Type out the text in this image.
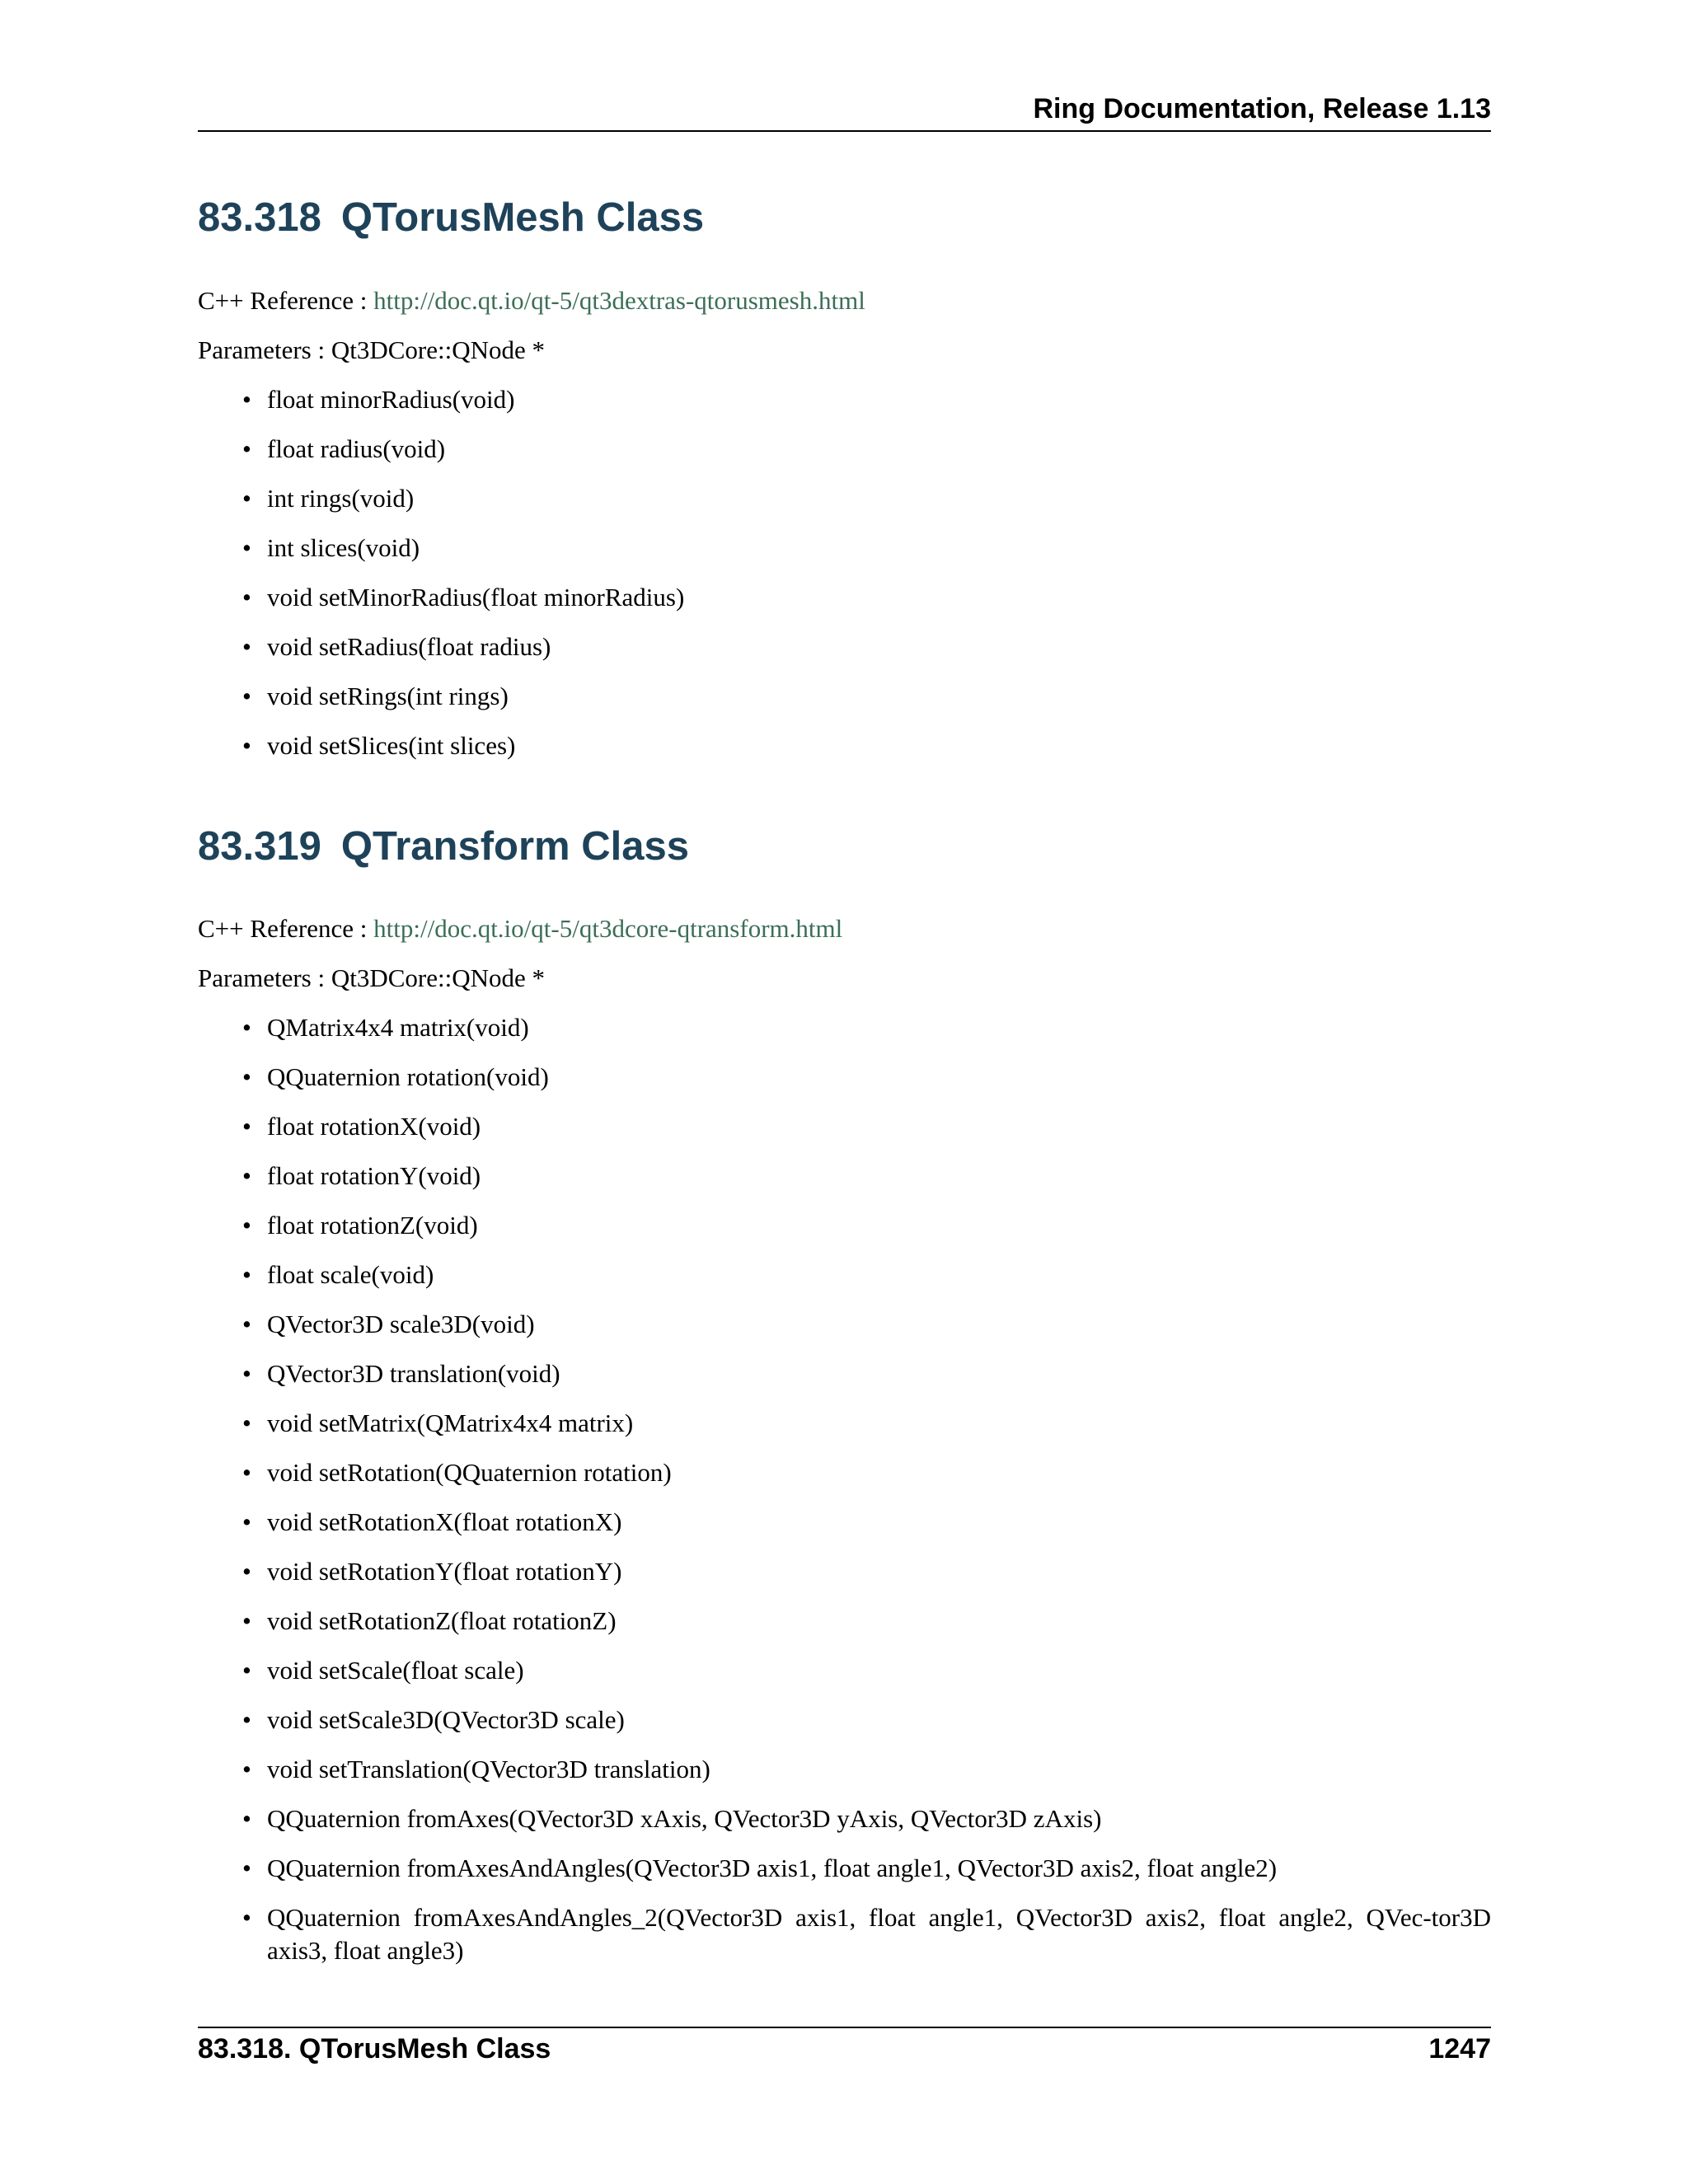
Ring Documentation, Release 1.13
83.318 QTorusMesh Class
C++ Reference : http://doc.qt.io/qt-5/qt3dextras-qtorusmesh.html
Parameters : Qt3DCore::QNode *
• float minorRadius(void)
• float radius(void)
• int rings(void)
• int slices(void)
• void setMinorRadius(float minorRadius)
• void setRadius(float radius)
• void setRings(int rings)
• void setSlices(int slices)
83.319 QTransform Class
C++ Reference : http://doc.qt.io/qt-5/qt3dcore-qtransform.html
Parameters : Qt3DCore::QNode *
• QMatrix4x4 matrix(void)
• QQuaternion rotation(void)
• float rotationX(void)
• float rotationY(void)
• float rotationZ(void)
• float scale(void)
• QVector3D scale3D(void)
• QVector3D translation(void)
• void setMatrix(QMatrix4x4 matrix)
• void setRotation(QQuaternion rotation)
• void setRotationX(float rotationX)
• void setRotationY(float rotationY)
• void setRotationZ(float rotationZ)
• void setScale(float scale)
• void setScale3D(QVector3D scale)
• void setTranslation(QVector3D translation)
• QQuaternion fromAxes(QVector3D xAxis, QVector3D yAxis, QVector3D zAxis)
• QQuaternion fromAxesAndAngles(QVector3D axis1, float angle1, QVector3D axis2, float angle2)
• QQuaternion fromAxesAndAngles_2(QVector3D axis1, float angle1, QVector3D axis2, float angle2, QVec-tor3D axis3, float angle3)
83.318. QTorusMesh Class	1247
